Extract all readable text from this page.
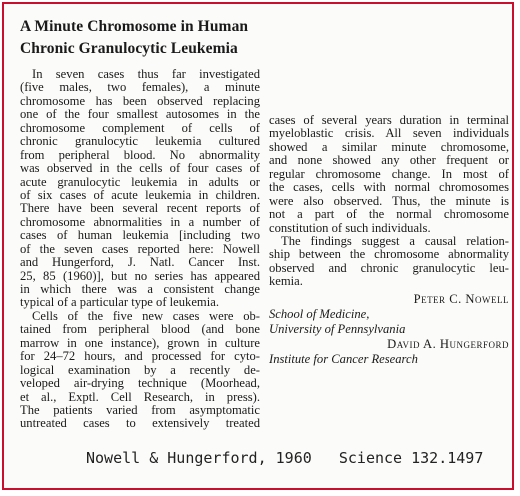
A Minute Chromosome in Human
Chronic Granulocytic Leukemia
In seven cases thus far investigated
(five males, two females), a minute
chromosome has been observed replacing
one of the four smallest autosomes in the
chromosome complement of cells of
chronic granulocytic leukemia cultured
from peripheral blood. No abnormality
was observed in the cells of four cases of
acute granulocytic leukemia in adults or
of six cases of acute leukemia in children.
There have been several recent reports of
chromosome abnormalities in a number of
cases of human leukemia [including two
of the seven cases reported here: Nowell
and Hungerford, J. Natl. Cancer Inst.
25, 85 (1960)], but no series has appeared
in which there was a consistent change
typical of a particular type of leukemia.
Cells of the five new cases were ob-
tained from peripheral blood (and bone
marrow in one instance), grown in culture
for 24–72 hours, and processed for cyto-
logical examination by a recently de-
veloped air-drying technique (Moorhead,
et al., Exptl. Cell Research, in press).
The patients varied from asymptomatic
untreated cases to extensively treated
cases of several years duration in terminal
myeloblastic crisis. All seven individuals
showed a similar minute chromosome,
and none showed any other frequent or
regular chromosome change. In most of
the cases, cells with normal chromosomes
were also observed. Thus, the minute is
not a part of the normal chromosome
constitution of such individuals.
The findings suggest a causal relation-
ship between the chromosome abnormality
observed and chronic granulocytic leu-
kemia.
Peter C. Nowell
School of Medicine,
University of Pennsylvania
David A. Hungerford
Institute for Cancer Research
Nowell & Hungerford, 1960   Science 132.1497
